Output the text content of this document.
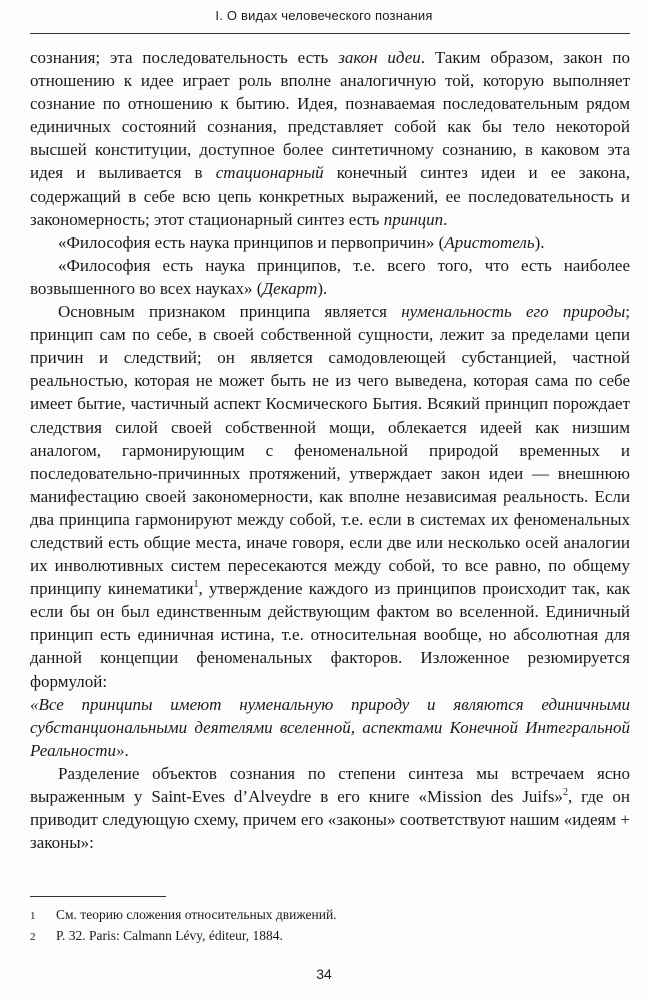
I. О видах человеческого познания

сознания; эта последовательность есть закон идеи. Таким образом, закон по отношению к идее играет роль вполне аналогичную той, которую выполняет сознание по отношению к бытию. Идея, познаваемая последовательным рядом единичных состояний сознания, представляет собой как бы тело некоторой высшей конституции, доступное более синтетичному сознанию, в каковом эта идея и выливается в стационарный конечный синтез идеи и ее закона, содержащий в себе всю цепь конкретных выражений, ее последовательность и закономерность; этот стационарный синтез есть принцип.

«Философия есть наука принципов и первопричин» (Аристотель).

«Философия есть наука принципов, т.е. всего того, что есть наиболее возвышенного во всех науках» (Декарт).

Основным признаком принципа является нуменальность его природы; принцип сам по себе, в своей собственной сущности, лежит за пределами цепи причин и следствий; он является самодовлеющей субстанцией, частной реальностью, которая не может быть не из чего выведена, которая сама по себе имеет бытие, частичный аспект Космического Бытия. Всякий принцип порождает следствия силой своей собственной мощи, облекается идеей как низшим аналогом, гармонирующим с феноменальной природой временных и последовательно-причинных протяжений, утверждает закон идеи — внешнюю манифестацию своей закономерности, как вполне независимая реальность. Если два принципа гармонируют между собой, т.е. если в системах их феноменальных следствий есть общие места, иначе говоря, если две или несколько осей аналогии их инволютивных систем пересекаются между собой, то все равно, по общему принципу кинематики$^1$, утверждение каждого из принципов происходит так, как если бы он был единственным действующим фактом во вселенной. Единичный принцип есть единичная истина, т.е. относительная вообще, но абсолютная для данной концепции феноменальных факторов. Изложенное резюмируется формулой:

«Все принципы имеют нуменальную природу и являются единичными субстанциональными деятелями вселенной, аспектами Конечной Интегральной Реальности».

Разделение объектов сознания по степени синтеза мы встречаем ясно выраженным у Saint-Eves d’Alveydre в его книге «Mission des Juifs»$^2$, где он приводит следующую схему, причем его «законы» соответствуют нашим «идеям + законы»:

1	См. теорию сложения относительных движений.
2	P. 32. Paris: Calmann Lévy, éditeur, 1884.
34
